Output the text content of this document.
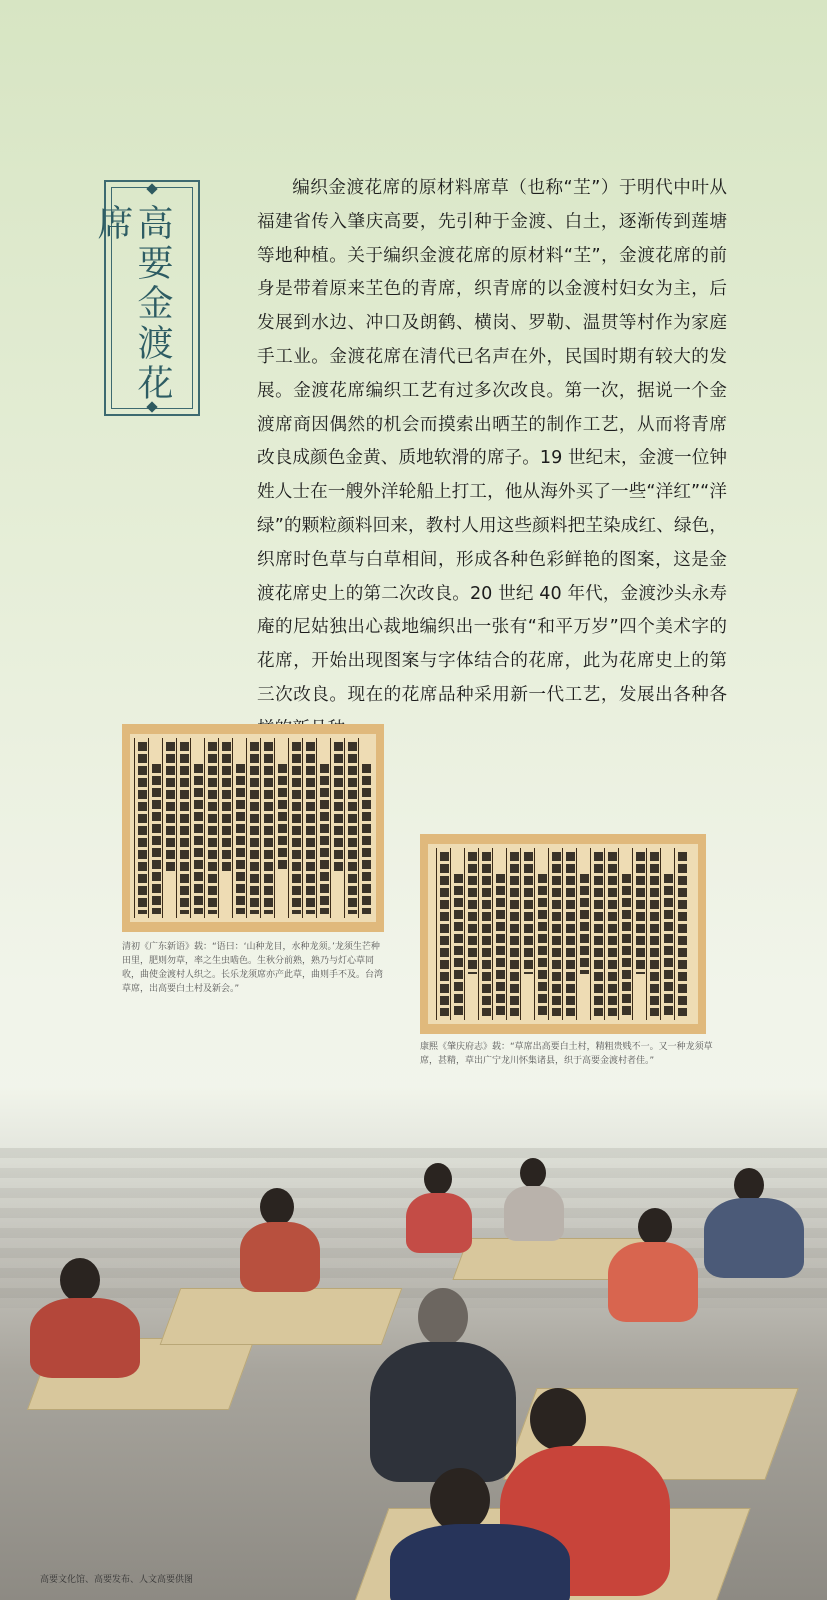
高要金渡花席

编织金渡花席的原材料席草（也称“芏”）于明代中叶从福建省传入肇庆高要，先引种于金渡、白土，逐渐传到莲塘等地种植。关于编织金渡花席的原材料“芏”，金渡花席的前身是带着原来芏色的青席，织青席的以金渡村妇女为主，后发展到水边、冲口及朗鹤、横岗、罗勒、温贯等村作为家庭手工业。金渡花席在清代已名声在外，民国时期有较大的发展。金渡花席编织工艺有过多次改良。第一次，据说一个金渡席商因偶然的机会而摸索出晒芏的制作工艺，从而将青席改良成颜色金黄、质地软滑的席子。19 世纪末，金渡一位钟姓人士在一艘外洋轮船上打工，他从海外买了一些“洋红”“洋绿”的颗粒颜料回来，教村人用这些颜料把芏染成红、绿色，织席时色草与白草相间，形成各种色彩鲜艳的图案，这是金渡花席史上的第二次改良。20 世纪 40 年代，金渡沙头永寿庵的尼姑独出心裁地编织出一张有“和平万岁”四个美术字的花席，开始出现图案与字体结合的花席，此为花席史上的第三次改良。现在的花席品种采用新一代工艺，发展出各种各

清初《广东新语》载：“语曰：‘山种龙目，水种龙须。’龙须生芒种田里，肥则勿草，率之生虫啮色。生秋分前熟，熟乃与灯心草同收，曲使金渡村人织之。长乐龙须席亦产此草，曲则手不及。台湾草席，出高要白土村及新会。”

康熙《肇庆府志》载：“草席出高要白土村，精粗贵贱不一。又一种龙须草席，甚精，草出广宁龙川怀集诸县，织于高要金渡村者佳。”

高要文化馆、高要发布、人文高要供图
